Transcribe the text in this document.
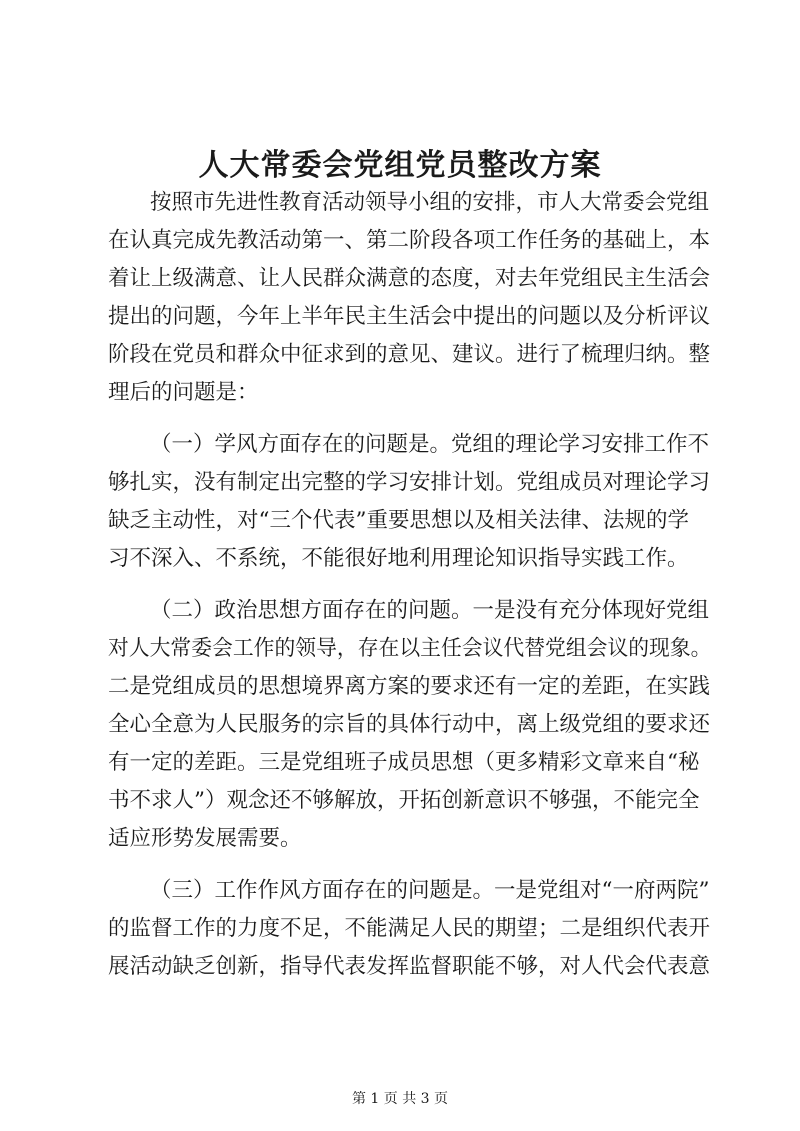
人大常委会党组党员整改方案
按照市先进性教育活动领导小组的安排，市人大常委会党组
在认真完成先教活动第一、第二阶段各项工作任务的基础上，本
着让上级满意、让人民群众满意的态度，对去年党组民主生活会
提出的问题，今年上半年民主生活会中提出的问题以及分析评议
阶段在党员和群众中征求到的意见、建议。进行了梳理归纳。整
理后的问题是：
（一）学风方面存在的问题是。党组的理论学习安排工作不
够扎实，没有制定出完整的学习安排计划。党组成员对理论学习
缺乏主动性，对“三个代表”重要思想以及相关法律、法规的学
习不深入、不系统，不能很好地利用理论知识指导实践工作。
（二）政治思想方面存在的问题。一是没有充分体现好党组
对人大常委会工作的领导，存在以主任会议代替党组会议的现象。
二是党组成员的思想境界离方案的要求还有一定的差距，在实践
全心全意为人民服务的宗旨的具体行动中，离上级党组的要求还
有一定的差距。三是党组班子成员思想（更多精彩文章来自“秘
书不求人”）观念还不够解放，开拓创新意识不够强，不能完全
适应形势发展需要。
（三）工作作风方面存在的问题是。一是党组对“一府两院”
的监督工作的力度不足，不能满足人民的期望；二是组织代表开
展活动缺乏创新，指导代表发挥监督职能不够，对人代会代表意
第 1 页 共 3 页
